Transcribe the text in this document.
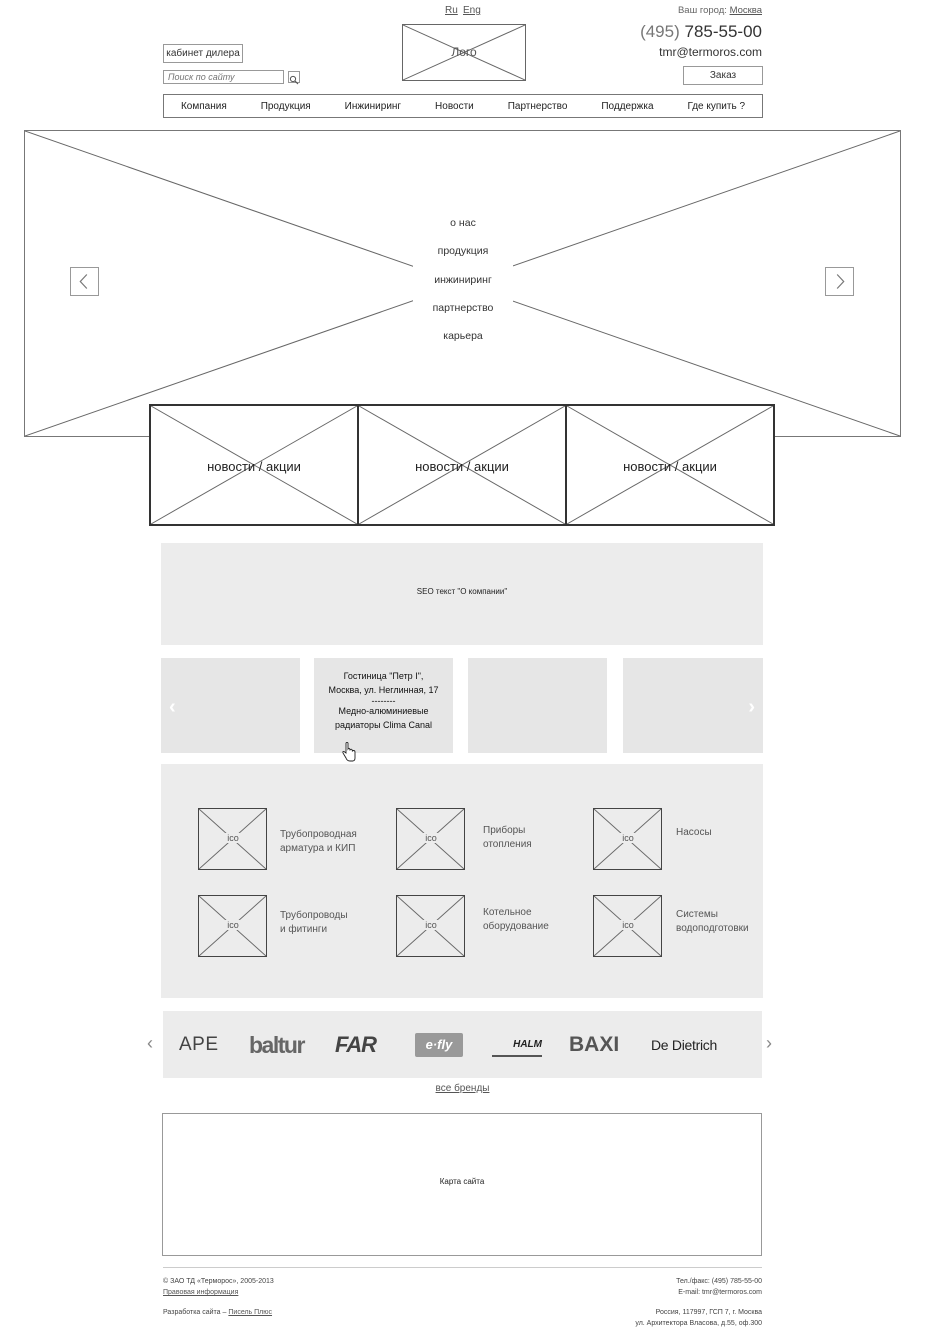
Ru Eng	Ваш город: Москва
Лого
кабинет дилера
Поиск по сайту
(495) 785-55-00
tmr@termoros.com
Заказ
Компания	Продукция	Инжиниринг	Новости	Партнерство	Поддержка	Где купить ?
о нас
продукция
инжиниринг
партнерство
карьера
новости / акции	новости / акции	новости / акции
SEO текст "О компании"
‹
Гостиница "Петр I",
Москва, ул. Неглинная, 17
--------
Медно-алюминиевые
радиаторы Clima Canal
›
ico	Трубопроводная
арматура и КИП
ico
Приборы
отопления
ico	Насосы
ico
Трубопроводы
и фитинги	ico
Котельное
оборудование	ico
Системы
водоподготовки
‹	›
APE baltur FAR	e·fly	HALM BAXI De Dietrich
все бренды
Карта сайта
© ЗАО ТД «Терморос», 2005-2013
Правовая информация
Разработка сайта – Писель Плюс
Тел./факс: (495) 785-55-00
E-mail: tmr@termoros.com
Россия, 117997, ГСП 7, г. Москва
ул. Архитектора Власова, д.55, оф.300
